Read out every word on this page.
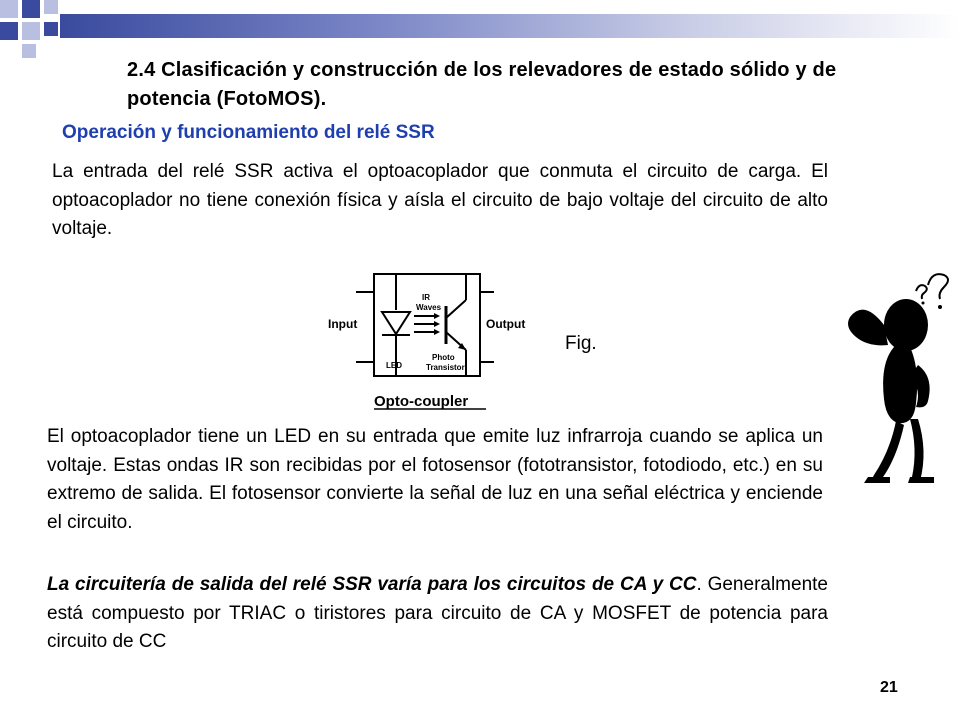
2.4 Clasificación y construcción de los relevadores de estado sólido y de potencia (FotoMOS).
Operación y funcionamiento del relé SSR
La entrada del relé SSR activa el optoacoplador que conmuta el circuito de carga. El optoacoplador no tiene conexión física y aísla el circuito de bajo voltaje del circuito de alto voltaje.
Input	Output
IR
Waves
LED
Photo
Transistor
Opto-coupler
Fig.
El optoacoplador tiene un LED en su entrada que emite luz infrarroja cuando se aplica un voltaje. Estas ondas IR son recibidas por el fotosensor (fototransistor, fotodiodo, etc.) en su extremo de salida. El fotosensor convierte la señal de luz en una señal eléctrica y enciende el circuito.
La circuitería de salida del relé SSR varía para los circuitos de CA y CC. Generalmente está compuesto por TRIAC o tiristores para circuito de CA y MOSFET de potencia para circuito de CC
21
